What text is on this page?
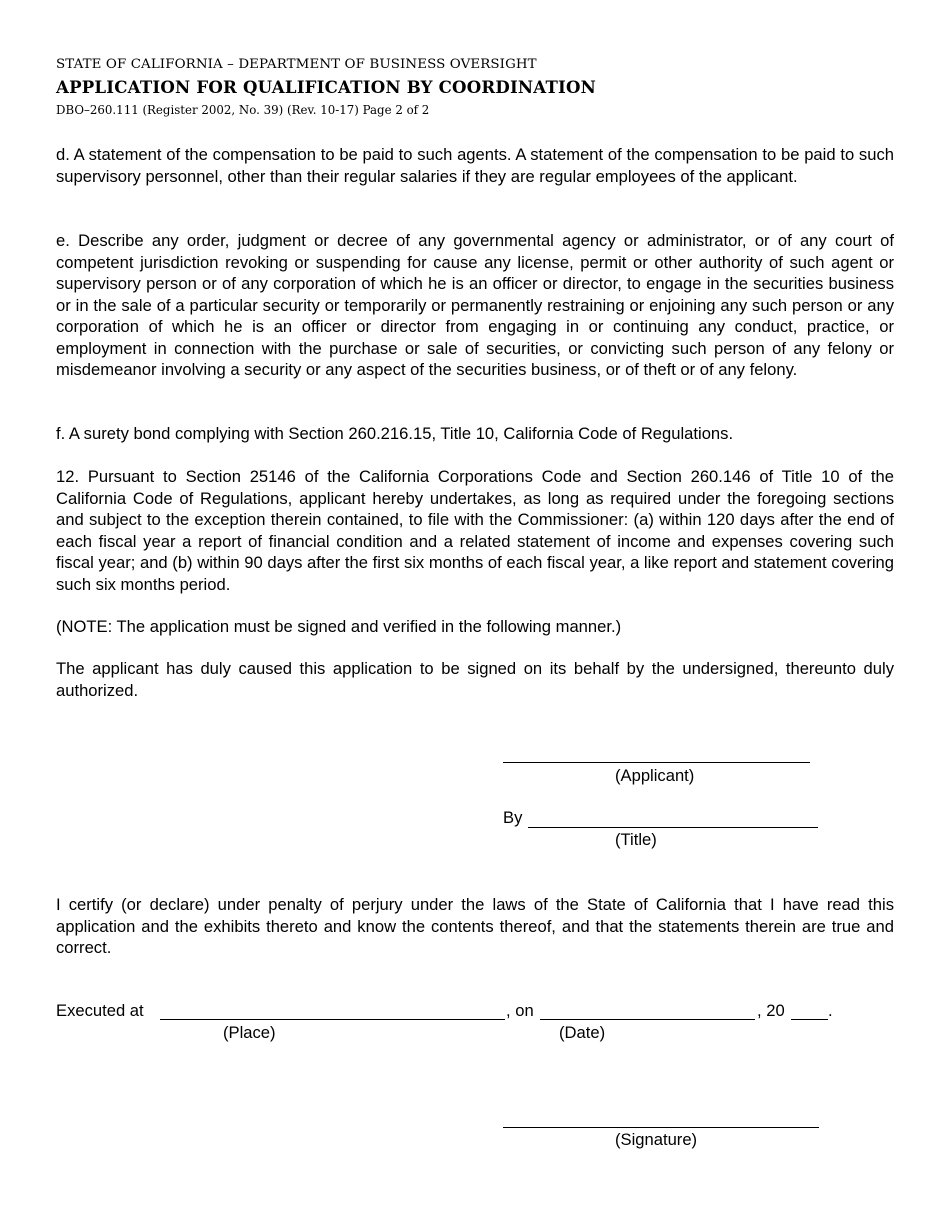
STATE OF CALIFORNIA – DEPARTMENT OF BUSINESS OVERSIGHT
APPLICATION FOR QUALIFICATION BY COORDINATION
DBO–260.111 (Register 2002, No. 39) (Rev. 10-17) Page 2 of 2

d. A statement of the compensation to be paid to such agents. A statement of the compensation to be paid to such supervisory personnel, other than their regular salaries if they are regular employees of the applicant.

e. Describe any order, judgment or decree of any governmental agency or administrator, or of any court of competent jurisdiction revoking or suspending for cause any license, permit or other authority of such agent or supervisory person or of any corporation of which he is an officer or director, to engage in the securities business or in the sale of a particular security or temporarily or permanently restraining or enjoining any such person or any corporation of which he is an officer or director from engaging in or continuing any conduct, practice, or employment in connection with the purchase or sale of securities, or convicting such person of any felony or misdemeanor involving a security or any aspect of the securities business, or of theft or of any felony.

f. A surety bond complying with Section 260.216.15, Title 10, California Code of Regulations.

12. Pursuant to Section 25146 of the California Corporations Code and Section 260.146 of Title 10 of the California Code of Regulations, applicant hereby undertakes, as long as required under the foregoing sections and subject to the exception therein contained, to file with the Commissioner: (a) within 120 days after the end of each fiscal year a report of financial condition and a related statement of income and expenses covering such fiscal year; and (b) within 90 days after the first six months of each fiscal year, a like report and statement covering such six months period.

(NOTE: The application must be signed and verified in the following manner.)

The applicant has duly caused this application to be signed on its behalf by the undersigned, thereunto duly authorized.

(Applicant)
By
(Title)

I certify (or declare) under penalty of perjury under the laws of the State of California that I have read this application and the exhibits thereto and know the contents thereof, and that the statements therein are true and correct.

Executed at	, on	, 20	.
(Place)	(Date)
(Signature)
